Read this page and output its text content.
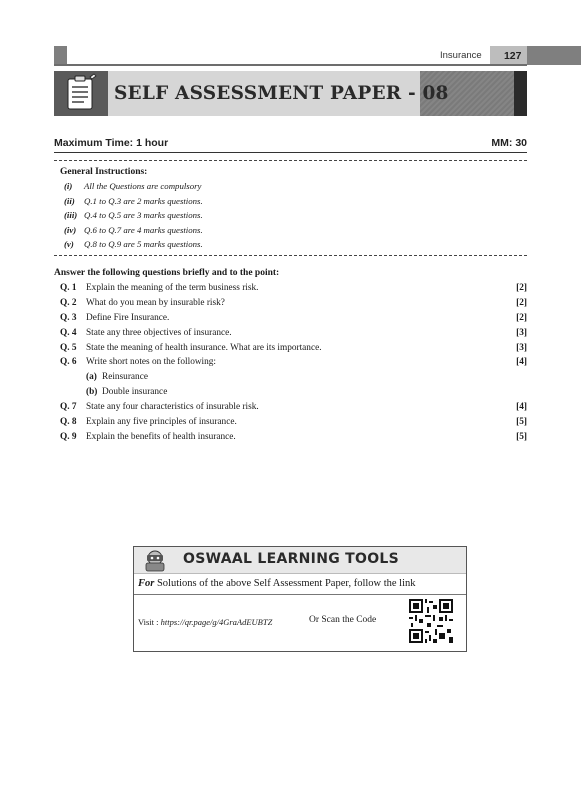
Insurance	127
SELF ASSESSMENT PAPER - 08
Maximum Time: 1 hour	MM: 30
General Instructions:
(i)	All the Questions are compulsory
(ii)	Q.1 to Q.3 are 2 marks questions.
(iii) Q.4 to Q.5 are 3 marks questions.
(iv) Q.6 to Q.7 are 4 marks questions.
(v)	Q.8 to Q.9 are 5 marks questions.
Answer the following questions briefly and to the point:
Q. 1	Explain the meaning of the term business risk.	[2]
Q. 2	What do you mean by insurable risk?	[2]
Q. 3	Define Fire Insurance.	[2]
Q. 4	State any three objectives of insurance.	[3]
Q. 5	State the meaning of health insurance. What are its importance.	[3]
Q. 6	Write short notes on the following:	[4]
(a) Reinsurance
(b) Double insurance
Q. 7	State any four characteristics of insurable risk.	[4]
Q. 8	Explain any five principles of insurance.	[5]
Q. 9	Explain the benefits of health insurance.	[5]
OSWAAL LEARNING TOOLS
For Solutions of the above Self Assessment Paper, follow the link
Visit : https://qr.page/g/4GraAdEUBTZ	Or Scan the Code
